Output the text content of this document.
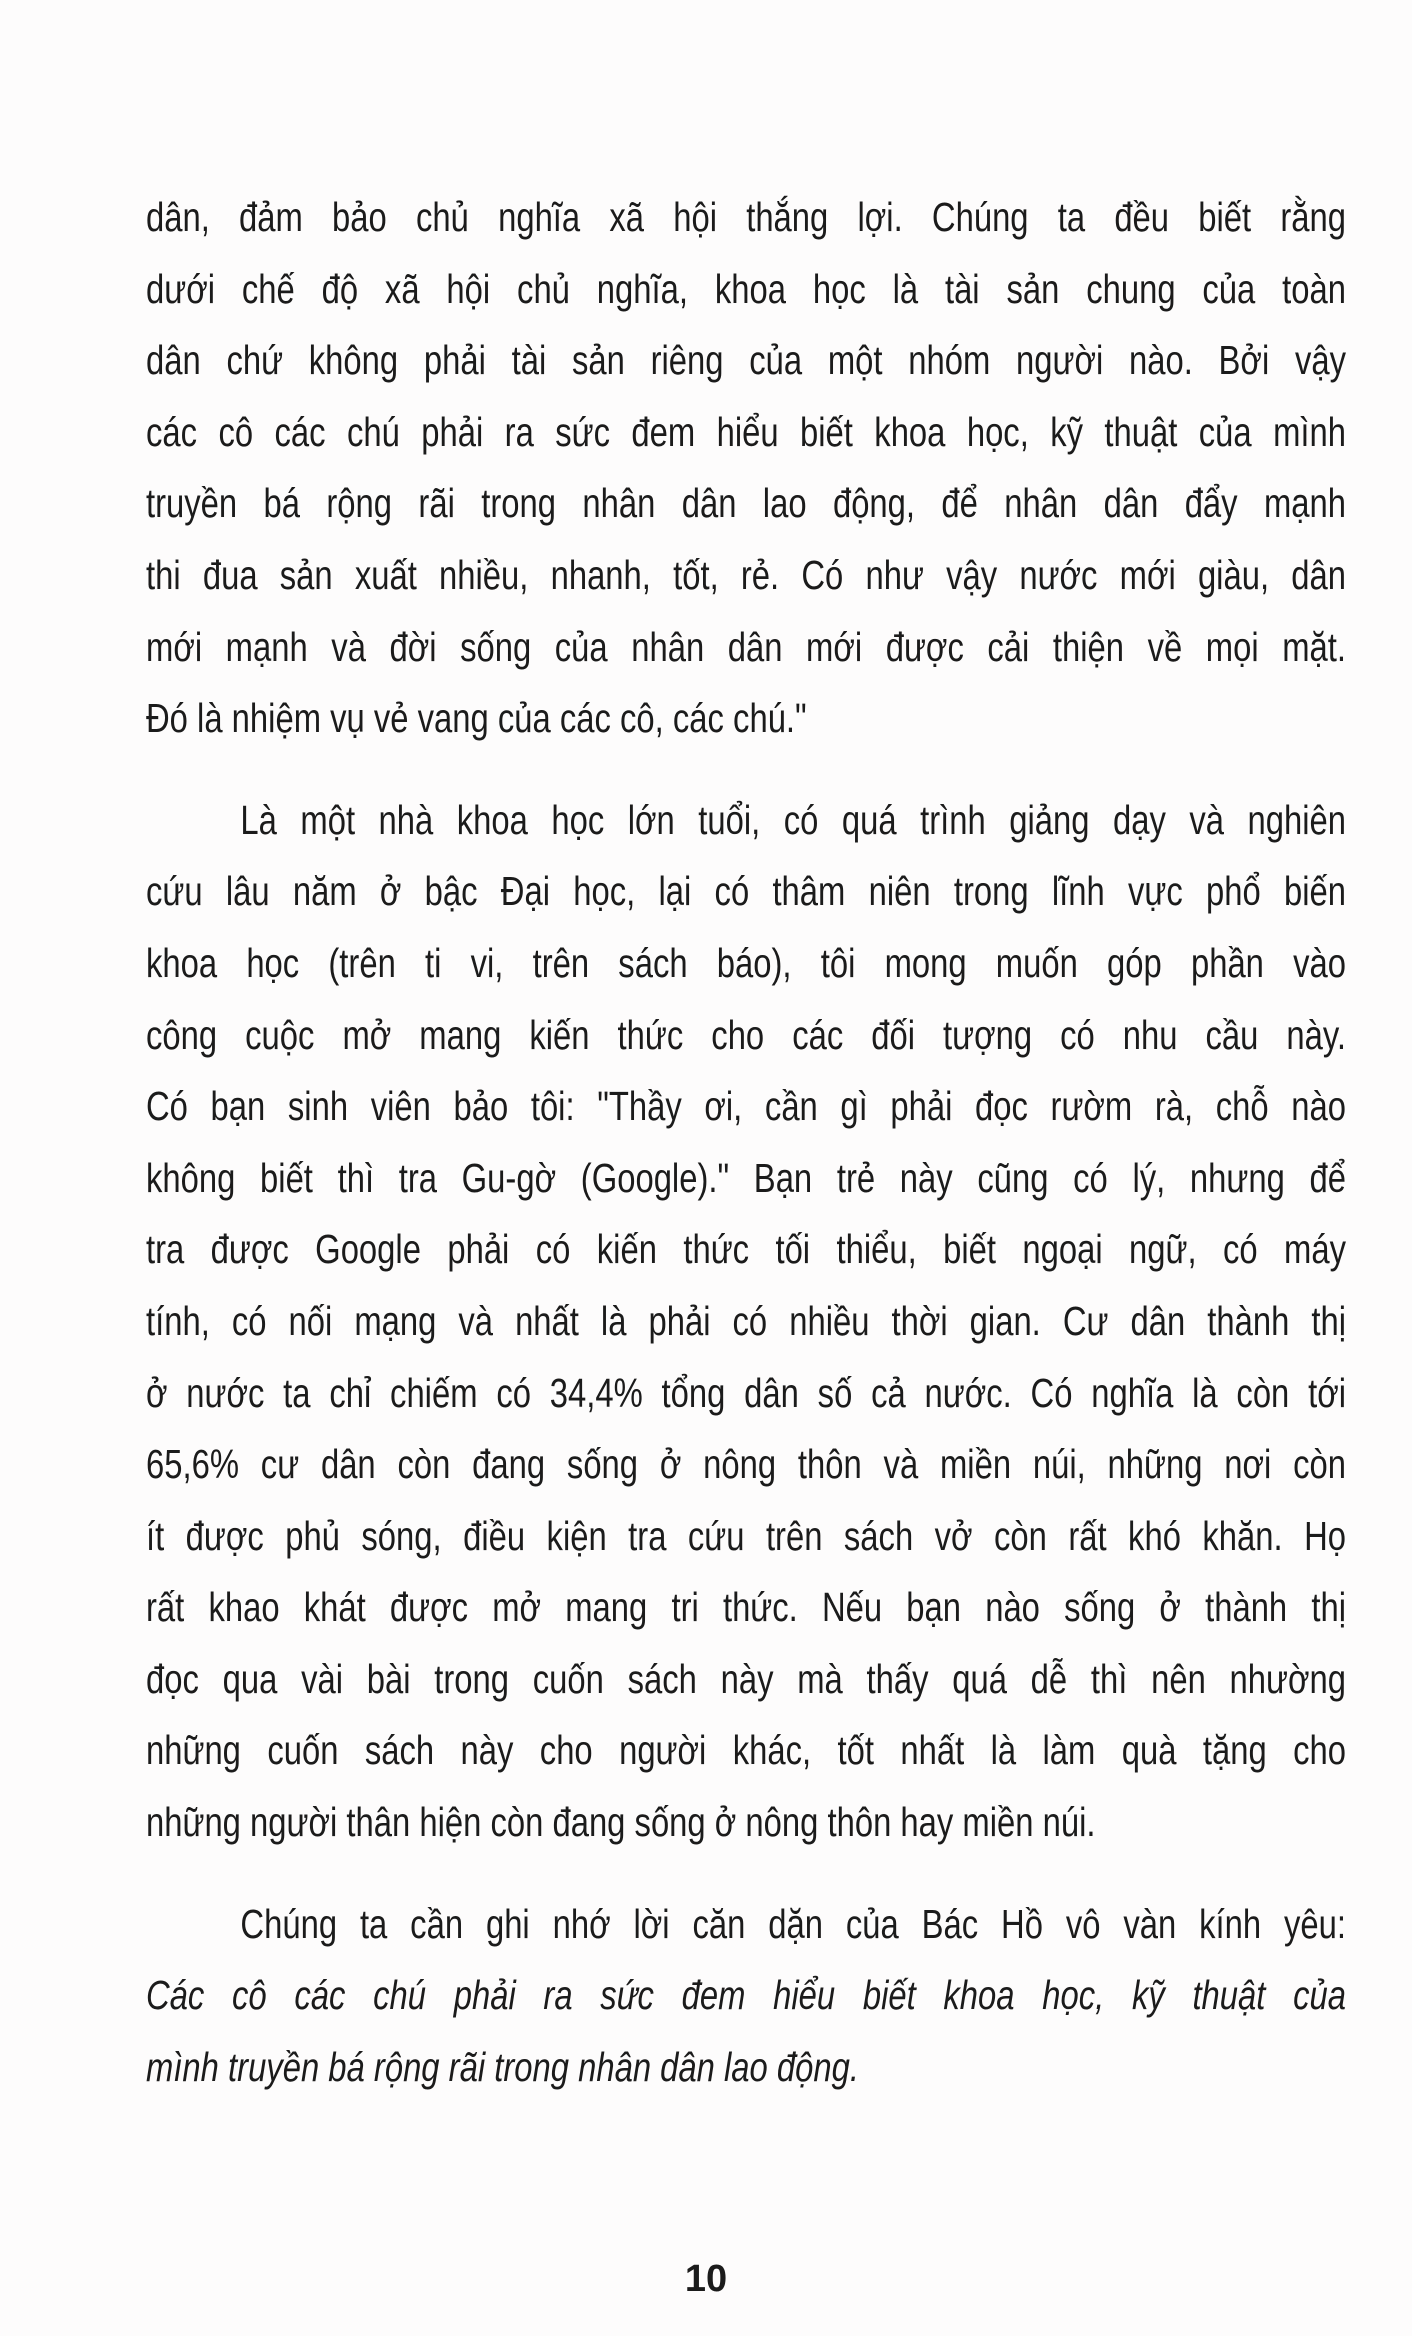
dân, đảm bảo chủ nghĩa xã hội thắng lợi. Chúng ta đều biết rằng
dưới chế độ xã hội chủ nghĩa, khoa học là tài sản chung của toàn
dân chứ không phải tài sản riêng của một nhóm người nào. Bởi vậy
các cô các chú phải ra sức đem hiểu biết khoa học, kỹ thuật của mình
truyền bá rộng rãi trong nhân dân lao động, để nhân dân đẩy mạnh
thi đua sản xuất nhiều, nhanh, tốt, rẻ. Có như vậy nước mới giàu, dân
mới mạnh và đời sống của nhân dân mới được cải thiện về mọi mặt.
Đó là nhiệm vụ vẻ vang của các cô, các chú."
Là một nhà khoa học lớn tuổi, có quá trình giảng dạy và nghiên
cứu lâu năm ở bậc Đại học, lại có thâm niên trong lĩnh vực phổ biến
khoa học (trên ti vi, trên sách báo), tôi mong muốn góp phần vào
công cuộc mở mang kiến thức cho các đối tượng có nhu cầu này.
Có bạn sinh viên bảo tôi: "Thầy ơi, cần gì phải đọc rườm rà, chỗ nào
không biết thì tra Gu-gờ (Google)." Bạn trẻ này cũng có lý, nhưng để
tra được Google phải có kiến thức tối thiểu, biết ngoại ngữ, có máy
tính, có nối mạng và nhất là phải có nhiều thời gian. Cư dân thành thị
ở nước ta chỉ chiếm có 34,4% tổng dân số cả nước. Có nghĩa là còn tới
65,6% cư dân còn đang sống ở nông thôn và miền núi, những nơi còn
ít được phủ sóng, điều kiện tra cứu trên sách vở còn rất khó khăn. Họ
rất khao khát được mở mang tri thức. Nếu bạn nào sống ở thành thị
đọc qua vài bài trong cuốn sách này mà thấy quá dễ thì nên nhường
những cuốn sách này cho người khác, tốt nhất là làm quà tặng cho
những người thân hiện còn đang sống ở nông thôn hay miền núi.
Chúng ta cần ghi nhớ lời căn dặn của Bác Hồ vô vàn kính yêu:
Các cô các chú phải ra sức đem hiểu biết khoa học, kỹ thuật của
mình truyền bá rộng rãi trong nhân dân lao động.
10
